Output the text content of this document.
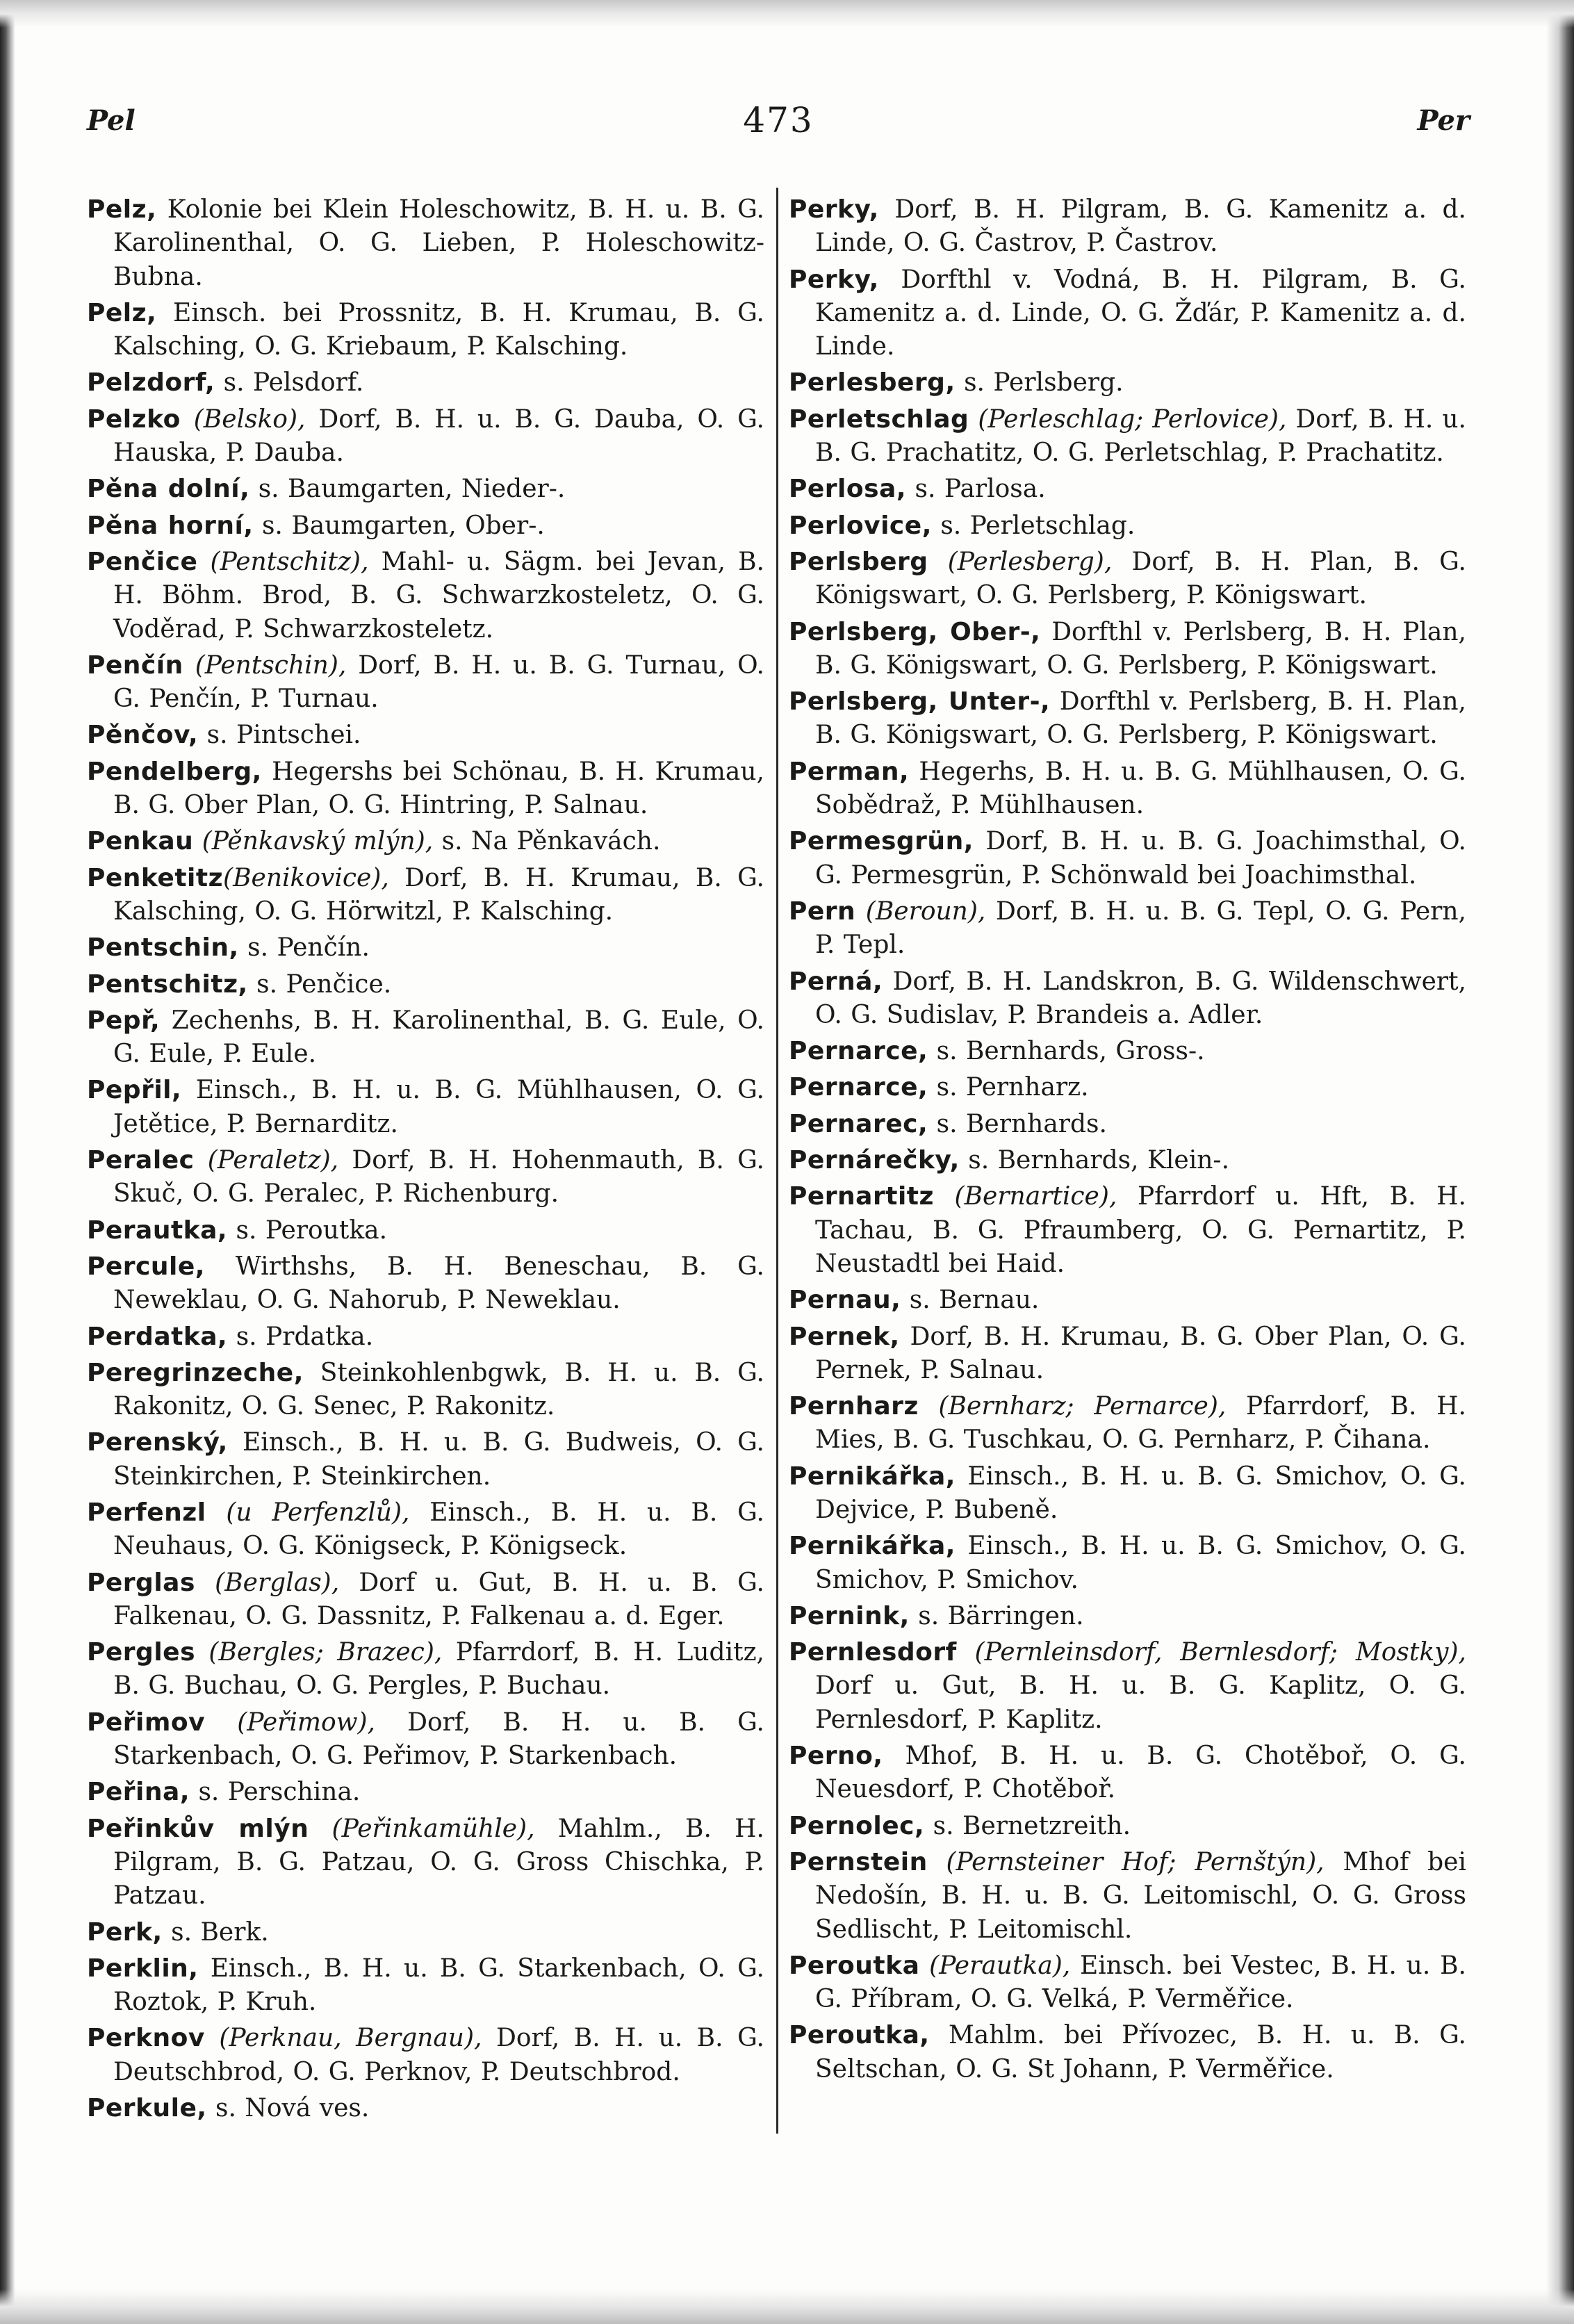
Pel	473	Per

Pelz, Kolonie bei Klein Holeschowitz, B. H. u. B. G. Karolinenthal, O. G. Lieben, P. Holeschowitz-Bubna.

Pelz, Einsch. bei Prossnitz, B. H. Krumau, B. G. Kalsching, O. G. Kriebaum, P. Kalsching.

Pelzdorf, s. Pelsdorf.

Pelzko (Belsko), Dorf, B. H. u. B. G. Dauba, O. G. Hauska, P. Dauba.

Pěna dolní, s. Baumgarten, Nieder-.

Pěna horní, s. Baumgarten, Ober-.

Penčice (Pentschitz), Mahl- u. Sägm. bei Jevan, B. H. Böhm. Brod, B. G. Schwarzkosteletz, O. G. Voděrad, P. Schwarzkosteletz.

Penčín (Pentschin), Dorf, B. H. u. B. G. Turnau, O. G. Penčín, P. Turnau.

Pěnčov, s. Pintschei.

Pendelberg, Hegershs bei Schönau, B. H. Krumau, B. G. Ober Plan, O. G. Hintring, P. Salnau.

Penkau (Pěnkavský mlýn), s. Na Pěnkavách.

Penketitz(Benikovice), Dorf, B. H. Krumau, B. G. Kalsching, O. G. Hörwitzl, P. Kalsching.

Pentschin, s. Penčín.

Pentschitz, s. Penčice.

Pepř, Zechenhs, B. H. Karolinenthal, B. G. Eule, O. G. Eule, P. Eule.

Pepřil, Einsch., B. H. u. B. G. Mühlhausen, O. G. Jetětice, P. Bernarditz.

Peralec (Peraletz), Dorf, B. H. Hohenmauth, B. G. Skuč, O. G. Peralec, P. Richenburg.

Perautka, s. Peroutka.

Percule, Wirthshs, B. H. Beneschau, B. G. Neweklau, O. G. Nahorub, P. Neweklau.

Perdatka, s. Prdatka.

Peregrinzeche, Steinkohlenbgwk, B. H. u. B. G. Rakonitz, O. G. Senec, P. Rakonitz.

Perenský, Einsch., B. H. u. B. G. Budweis, O. G. Steinkirchen, P. Steinkirchen.

Perfenzl (u Perfenzlů), Einsch., B. H. u. B. G. Neuhaus, O. G. Königseck, P. Königseck.

Perglas (Berglas), Dorf u. Gut, B. H. u. B. G. Falkenau, O. G. Dassnitz, P. Falkenau a. d. Eger.

Pergles (Bergles; Brazec), Pfarrdorf, B. H. Luditz, B. G. Buchau, O. G. Pergles, P. Buchau.

Peřimov (Peřimow), Dorf, B. H. u. B. G. Starkenbach, O. G. Peřimov, P. Starkenbach.

Peřina, s. Perschina.

Peřinkův mlýn (Peřinkamühle), Mahlm., B. H. Pilgram, B. G. Patzau, O. G. Gross Chischka, P. Patzau.

Perk, s. Berk.

Perklin, Einsch., B. H. u. B. G. Starkenbach, O. G. Roztok, P. Kruh.

Perknov (Perknau, Bergnau), Dorf, B. H. u. B. G. Deutschbrod, O. G. Perknov, P. Deutschbrod.

Perkule, s. Nová ves.

Perky, Dorf, B. H. Pilgram, B. G. Kamenitz a. d. Linde, O. G. Častrov, P. Častrov.

Perky, Dorfthl v. Vodná, B. H. Pilgram, B. G. Kamenitz a. d. Linde, O. G. Žďár, P. Kamenitz a. d. Linde.

Perlesberg, s. Perlsberg.

Perletschlag (Perleschlag; Perlovice), Dorf, B. H. u. B. G. Prachatitz, O. G. Perletschlag, P. Prachatitz.

Perlosa, s. Parlosa.

Perlovice, s. Perletschlag.

Perlsberg (Perlesberg), Dorf, B. H. Plan, B. G. Königswart, O. G. Perlsberg, P. Königswart.

Perlsberg, Ober-, Dorfthl v. Perlsberg, B. H. Plan, B. G. Königswart, O. G. Perlsberg, P. Königswart.

Perlsberg, Unter-, Dorfthl v. Perlsberg, B. H. Plan, B. G. Königswart, O. G. Perlsberg, P. Königswart.

Perman, Hegerhs, B. H. u. B. G. Mühlhausen, O. G. Sobědraž, P. Mühlhausen.

Permesgrün, Dorf, B. H. u. B. G. Joachimsthal, O. G. Permesgrün, P. Schönwald bei Joachimsthal.

Pern (Beroun), Dorf, B. H. u. B. G. Tepl, O. G. Pern, P. Tepl.

Perná, Dorf, B. H. Landskron, B. G. Wildenschwert, O. G. Sudislav, P. Brandeis a. Adler.

Pernarce, s. Bernhards, Gross-.

Pernarce, s. Pernharz.

Pernarec, s. Bernhards.

Pernárečky, s. Bernhards, Klein-.

Pernartitz (Bernartice), Pfarrdorf u. Hft, B. H. Tachau, B. G. Pfraumberg, O. G. Pernartitz, P. Neustadtl bei Haid.

Pernau, s. Bernau.

Pernek, Dorf, B. H. Krumau, B. G. Ober Plan, O. G. Pernek, P. Salnau.

Pernharz (Bernharz; Pernarce), Pfarrdorf, B. H. Mies, B. G. Tuschkau, O. G. Pernharz, P. Čihana.

Pernikářka, Einsch., B. H. u. B. G. Smichov, O. G. Dejvice, P. Bubeně.

Pernikářka, Einsch., B. H. u. B. G. Smichov, O. G. Smichov, P. Smichov.

Pernink, s. Bärringen.

Pernlesdorf (Pernleinsdorf, Bernlesdorf; Mostky), Dorf u. Gut, B. H. u. B. G. Kaplitz, O. G. Pernlesdorf, P. Kaplitz.

Perno, Mhof, B. H. u. B. G. Chotěboř, O. G. Neuesdorf, P. Chotěboř.

Pernolec, s. Bernetzreith.

Pernstein (Pernsteiner Hof; Pernštýn), Mhof bei Nedošín, B. H. u. B. G. Leitomischl, O. G. Gross Sedlischt, P. Leitomischl.

Peroutka (Perautka), Einsch. bei Vestec, B. H. u. B. G. Příbram, O. G. Velká, P. Verměřice.

Peroutka, Mahlm. bei Přívozec, B. H. u. B. G. Seltschan, O. G. St Johann, P. Verměřice.
